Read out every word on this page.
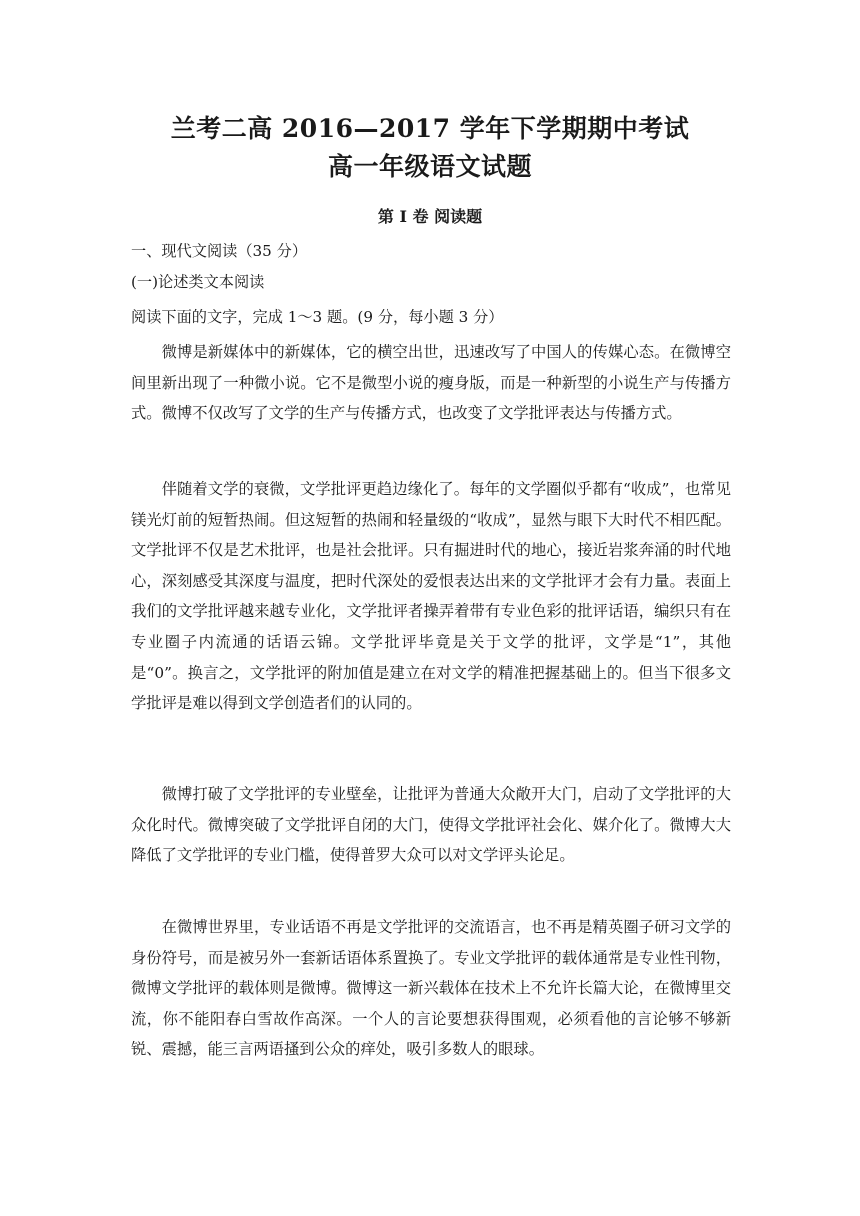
兰考二高 2016—2017 学年下学期期中考试
高一年级语文试题
第 I 卷 阅读题
一、现代文阅读（35 分）
(一)论述类文本阅读
阅读下面的文字，完成 1～3 题。(9 分，每小题 3 分）

微博是新媒体中的新媒体，它的横空出世，迅速改写了中国人的传媒心态。在微博空间里新出现了一种微小说。它不是微型小说的瘦身版，而是一种新型的小说生产与传播方式。微博不仅改写了文学的生产与传播方式，也改变了文学批评表达与传播方式。

伴随着文学的衰微，文学批评更趋边缘化了。每年的文学圈似乎都有“收成”，也常见镁光灯前的短暂热闹。但这短暂的热闹和轻量级的“收成”，显然与眼下大时代不相匹配。文学批评不仅是艺术批评，也是社会批评。只有掘进时代的地心，接近岩浆奔涌的时代地心，深刻感受其深度与温度，把时代深处的爱恨表达出来的文学批评才会有力量。表面上我们的文学批评越来越专业化，文学批评者操弄着带有专业色彩的批评话语，编织只有在专业圈子内流通的话语云锦。文学批评毕竟是关于文学的批评，文学是“1”，其他是“0”。换言之，文学批评的附加值是建立在对文学的精准把握基础上的。但当下很多文学批评是难以得到文学创造者们的认同的。

微博打破了文学批评的专业壁垒，让批评为普通大众敞开大门，启动了文学批评的大众化时代。微博突破了文学批评自闭的大门，使得文学批评社会化、媒介化了。微博大大降低了文学批评的专业门槛，使得普罗大众可以对文学评头论足。

在微博世界里，专业话语不再是文学批评的交流语言，也不再是精英圈子研习文学的身份符号，而是被另外一套新话语体系置换了。专业文学批评的载体通常是专业性刊物，微博文学批评的载体则是微博。微博这一新兴载体在技术上不允许长篇大论，在微博里交流，你不能阳春白雪故作高深。一个人的言论要想获得围观，必须看他的言论够不够新锐、震撼，能三言两语搔到公众的痒处，吸引多数人的眼球。
